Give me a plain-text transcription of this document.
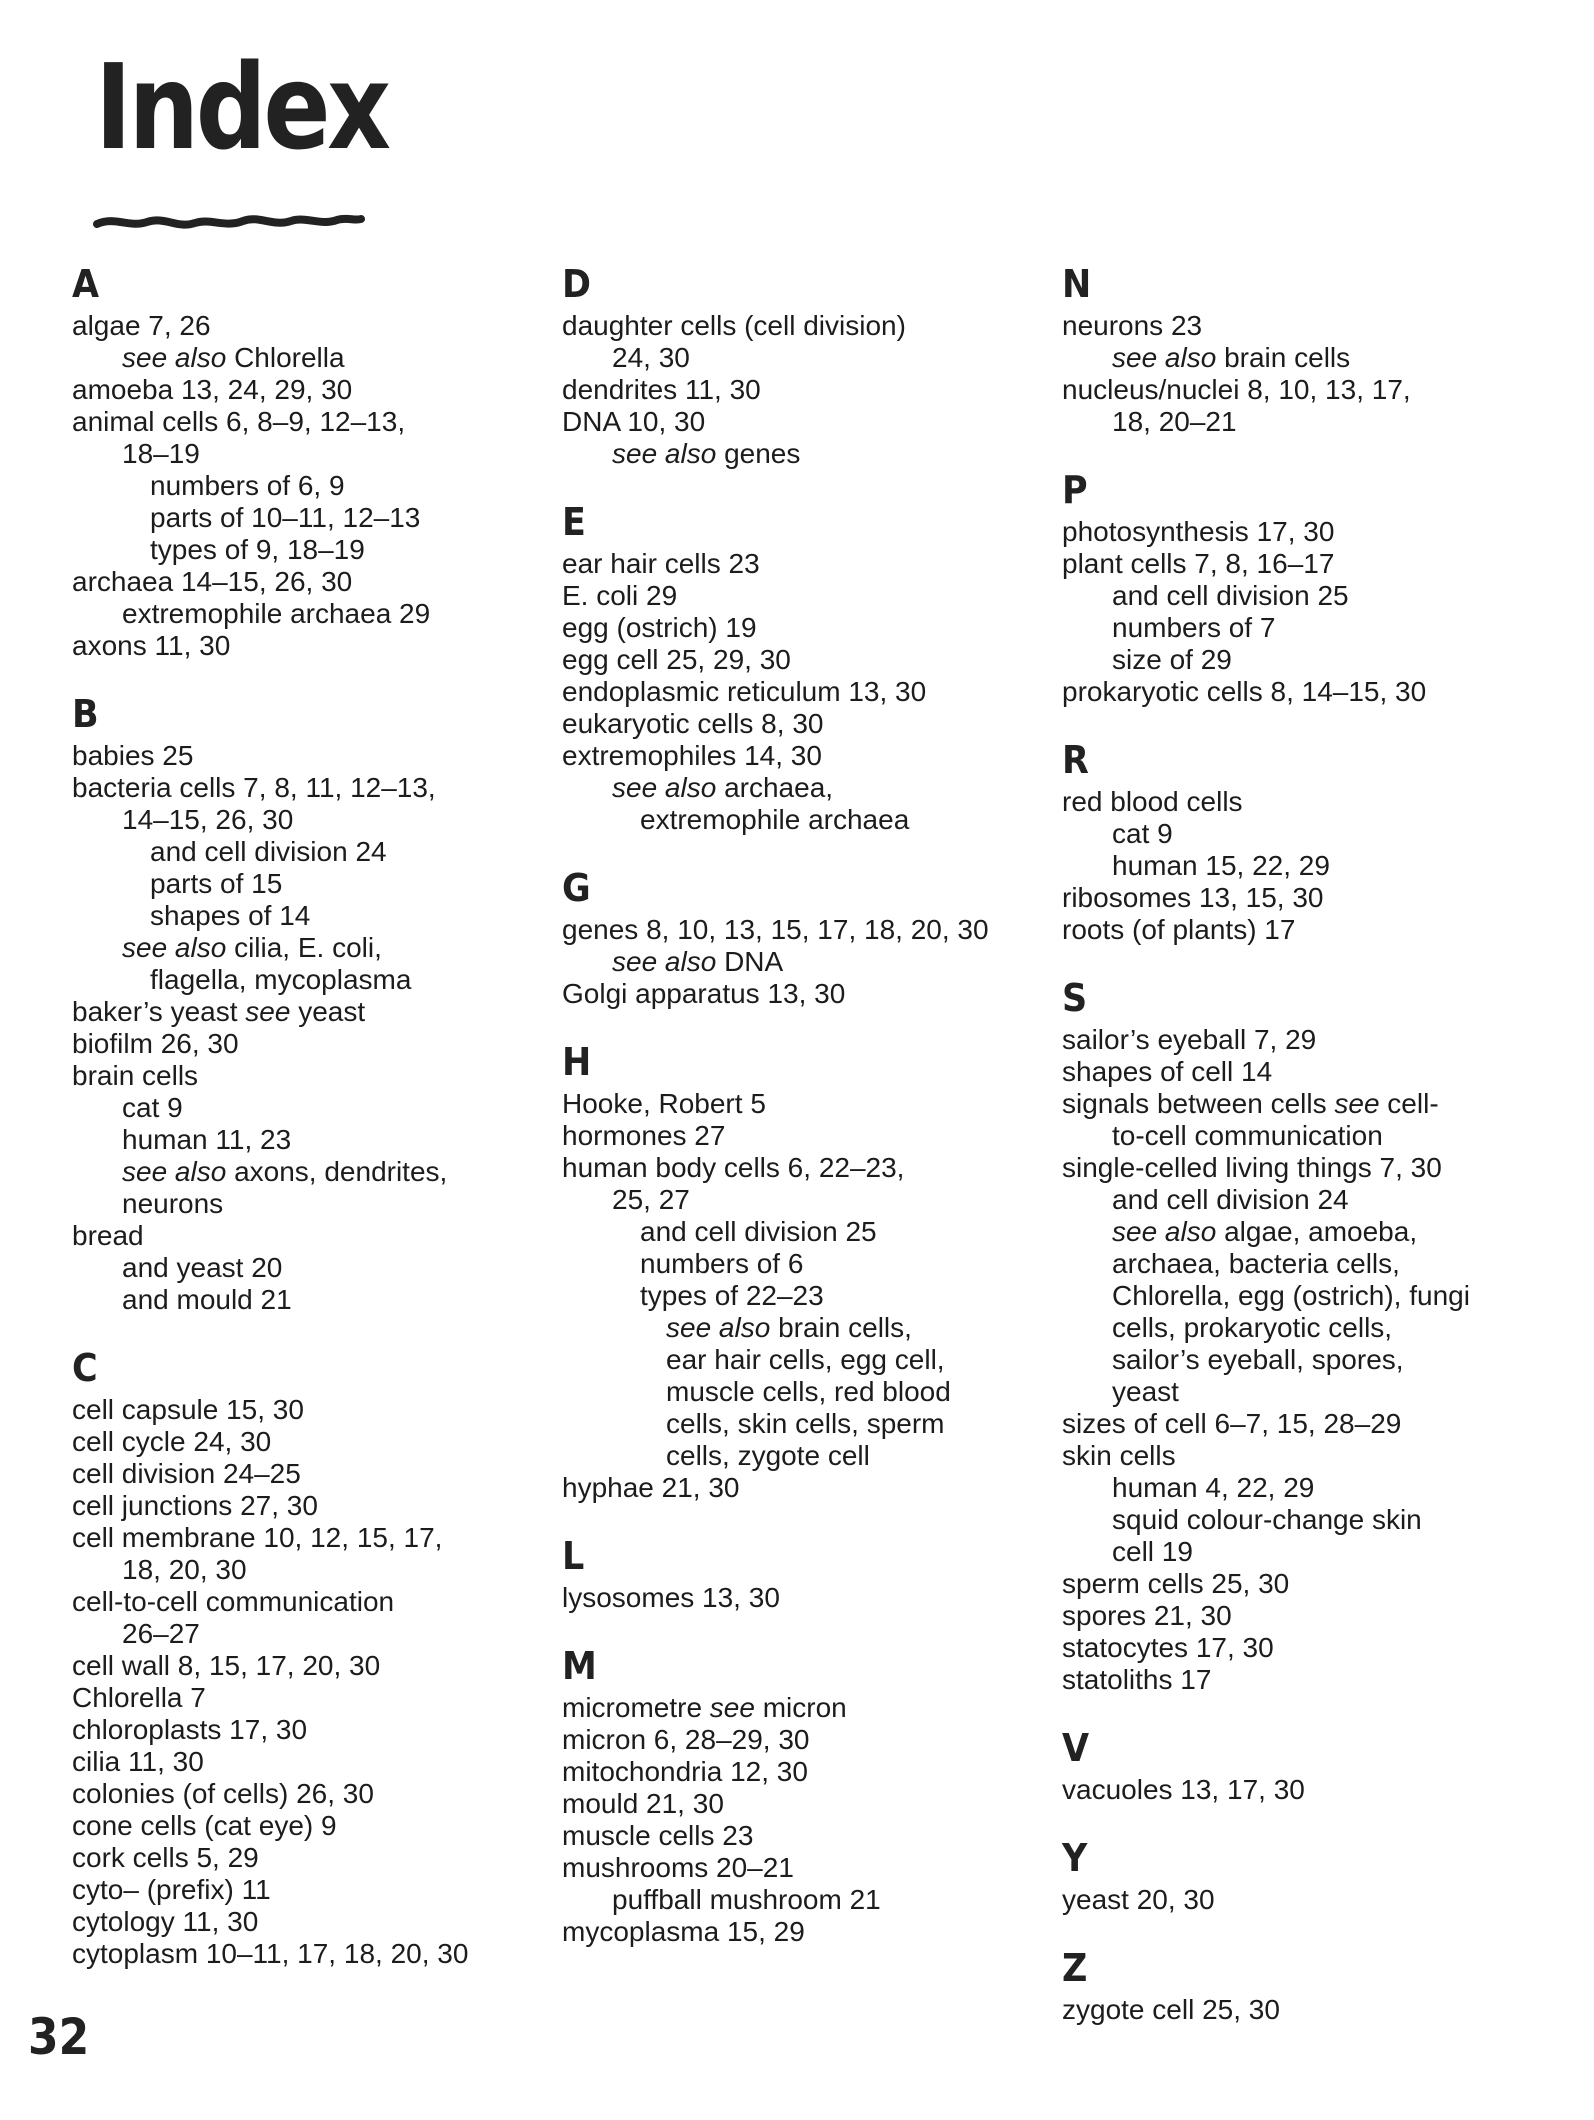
Index
A
algae 7, 26
see also Chlorella
amoeba 13, 24, 29, 30
animal cells 6, 8–9, 12–13,
18–19
numbers of 6, 9
parts of 10–11, 12–13
types of 9, 18–19
archaea 14–15, 26, 30
extremophile archaea 29
axons 11, 30
B
babies 25
bacteria cells 7, 8, 11, 12–13,
14–15, 26, 30
and cell division 24
parts of 15
shapes of 14
see also cilia, E. coli,
flagella, mycoplasma
baker’s yeast see yeast
biofilm 26, 30
brain cells
cat 9
human 11, 23
see also axons, dendrites,
neurons
bread
and yeast 20
and mould 21
C
cell capsule 15, 30
cell cycle 24, 30
cell division 24–25
cell junctions 27, 30
cell membrane 10, 12, 15, 17,
18, 20, 30
cell-to-cell communication
26–27
cell wall 8, 15, 17, 20, 30
Chlorella 7
chloroplasts 17, 30
cilia 11, 30
colonies (of cells) 26, 30
cone cells (cat eye) 9
cork cells 5, 29
cyto– (prefix) 11
cytology 11, 30
cytoplasm 10–11, 17, 18, 20, 30
D
daughter cells (cell division)
24, 30
dendrites 11, 30
DNA 10, 30
see also genes
E
ear hair cells 23
E. coli 29
egg (ostrich) 19
egg cell 25, 29, 30
endoplasmic reticulum 13, 30
eukaryotic cells 8, 30
extremophiles 14, 30
see also archaea,
extremophile archaea
G
genes 8, 10, 13, 15, 17, 18, 20, 30
see also DNA
Golgi apparatus 13, 30
H
Hooke, Robert 5
hormones 27
human body cells 6, 22–23,
25, 27
and cell division 25
numbers of 6
types of 22–23
see also brain cells,
ear hair cells, egg cell,
muscle cells, red blood
cells, skin cells, sperm
cells, zygote cell
hyphae 21, 30
L
lysosomes 13, 30
M
micrometre see micron
micron 6, 28–29, 30
mitochondria 12, 30
mould 21, 30
muscle cells 23
mushrooms 20–21
puffball mushroom 21
mycoplasma 15, 29
N
neurons 23
see also brain cells
nucleus/nuclei 8, 10, 13, 17,
18, 20–21
P
photosynthesis 17, 30
plant cells 7, 8, 16–17
and cell division 25
numbers of 7
size of 29
prokaryotic cells 8, 14–15, 30
R
red blood cells
cat 9
human 15, 22, 29
ribosomes 13, 15, 30
roots (of plants) 17
S
sailor’s eyeball 7, 29
shapes of cell 14
signals between cells see cell-
to-cell communication
single-celled living things 7, 30
and cell division 24
see also algae, amoeba,
archaea, bacteria cells,
Chlorella, egg (ostrich), fungi
cells, prokaryotic cells,
sailor’s eyeball, spores,
yeast
sizes of cell 6–7, 15, 28–29
skin cells
human 4, 22, 29
squid colour-change skin
cell 19
sperm cells 25, 30
spores 21, 30
statocytes 17, 30
statoliths 17
V
vacuoles 13, 17, 30
Y
yeast 20, 30
Z
zygote cell 25, 30
32
